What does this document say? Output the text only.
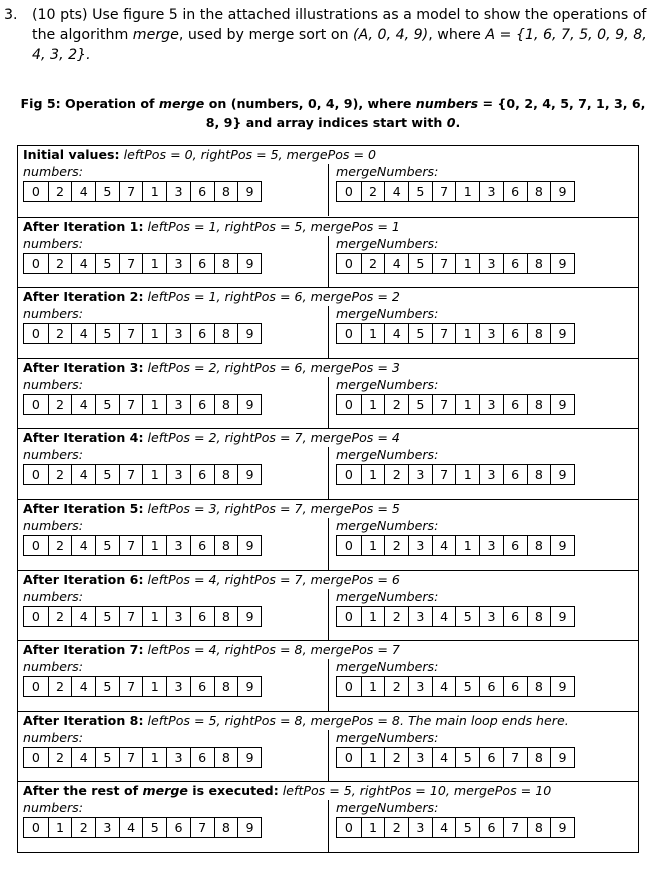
3. (10 pts) Use figure 5 in the attached illustrations as a model to show the operations of the algorithm merge, used by merge sort on (A, 0, 4, 9), where A = {1, 6, 7, 5, 0, 9, 8, 4, 3, 2}.
Fig 5: Operation of merge on (numbers, 0, 4, 9), where numbers = {0, 2, 4, 5, 7, 1, 3, 6, 8, 9} and array indices start with 0.
Initial values: leftPos = 0, rightPos = 5, mergePos = 0
numbers:
0	2	4	5	7	1	3	6	8	9
mergeNumbers:
0	2	4	5	7	1	3	6	8	9
After Iteration 1: leftPos = 1, rightPos = 5, mergePos = 1
numbers:
0	2	4	5	7	1	3	6	8	9
mergeNumbers:
0	2	4	5	7	1	3	6	8	9
After Iteration 2: leftPos = 1, rightPos = 6, mergePos = 2
numbers:
0	2	4	5	7	1	3	6	8	9
mergeNumbers:
0	1	4	5	7	1	3	6	8	9
After Iteration 3: leftPos = 2, rightPos = 6, mergePos = 3
numbers:
0	2	4	5	7	1	3	6	8	9
mergeNumbers:
0	1	2	5	7	1	3	6	8	9
After Iteration 4: leftPos = 2, rightPos = 7, mergePos = 4
numbers:
0	2	4	5	7	1	3	6	8	9
mergeNumbers:
0	1	2	3	7	1	3	6	8	9
After Iteration 5: leftPos = 3, rightPos = 7, mergePos = 5
numbers:
0	2	4	5	7	1	3	6	8	9
mergeNumbers:
0	1	2	3	4	1	3	6	8	9
After Iteration 6: leftPos = 4, rightPos = 7, mergePos = 6
numbers:
0	2	4	5	7	1	3	6	8	9
mergeNumbers:
0	1	2	3	4	5	3	6	8	9
After Iteration 7: leftPos = 4, rightPos = 8, mergePos = 7
numbers:
0	2	4	5	7	1	3	6	8	9
mergeNumbers:
0	1	2	3	4	5	6	6	8	9
After Iteration 8: leftPos = 5, rightPos = 8, mergePos = 8. The main loop ends here.
numbers:
0	2	4	5	7	1	3	6	8	9
mergeNumbers:
0	1	2	3	4	5	6	7	8	9
After the rest of merge is executed: leftPos = 5, rightPos = 10, mergePos = 10
numbers:
0	1	2	3	4	5	6	7	8	9
mergeNumbers:
0	1	2	3	4	5	6	7	8	9
